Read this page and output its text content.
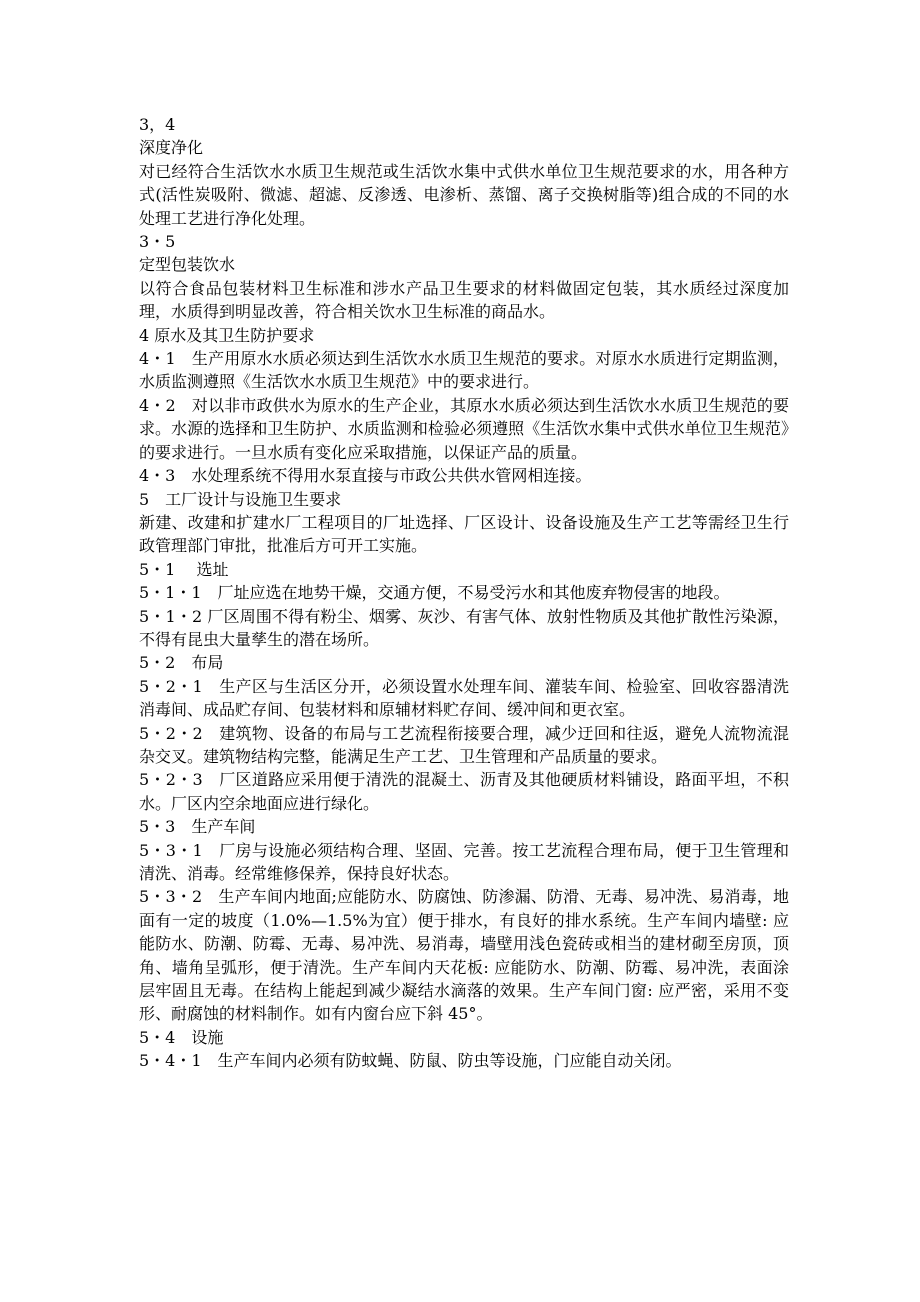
3，4
深度净化
对已经符合生活饮水水质卫生规范或生活饮水集中式供水单位卫生规范要求的水，用各种方式(活性炭吸附、微滤、超滤、反渗透、电渗析、蒸馏、离子交换树脂等)组合成的不同的水处理工艺进行净化处理。
3・5
定型包装饮水
以符合食品包装材料卫生标准和涉水产品卫生要求的材料做固定包装，其水质经过深度加理，水质得到明显改善，符合相关饮水卫生标准的商品水。
4 原水及其卫生防护要求
4・1　生产用原水水质必须达到生活饮水水质卫生规范的要求。对原水水质进行定期监测，水质监测遵照《生活饮水水质卫生规范》中的要求进行。
4・2　对以非市政供水为原水的生产企业，其原水水质必须达到生活饮水水质卫生规范的要求。水源的选择和卫生防护、水质监测和检验必须遵照《生活饮水集中式供水单位卫生规范》的要求进行。一旦水质有变化应采取措施，以保证产品的质量。
4・3　水处理系统不得用水泵直接与市政公共供水管网相连接。
5　工厂设计与设施卫生要求
新建、改建和扩建水厂工程项目的厂址选择、厂区设计、设备设施及生产工艺等需经卫生行政管理部门审批，批准后方可开工实施。
5・1　 选址
5・1・1　厂址应选在地势干燥，交通方便，不易受污水和其他废弃物侵害的地段。
5・1・2 厂区周围不得有粉尘、烟雾、灰沙、有害气体、放射性物质及其他扩散性污染源，不得有昆虫大量孳生的潜在场所。
5・2　布局
5・2・1　生产区与生活区分开，必须设置水处理车间、灌装车间、检验室、回收容器清洗消毒间、成品贮存间、包装材料和原辅材料贮存间、缓冲间和更衣室。
5・2・2　建筑物、设备的布局与工艺流程衔接要合理，减少迂回和往返，避免人流物流混杂交叉。建筑物结构完整，能满足生产工艺、卫生管理和产品质量的要求。
5・2・3　厂区道路应采用便于清洗的混凝土、沥青及其他硬质材料铺设，路面平坦，不积水。厂区内空余地面应进行绿化。
5・3　生产车间
5・3・1　厂房与设施必须结构合理、坚固、完善。按工艺流程合理布局，便于卫生管理和清洗、消毒。经常维修保养，保持良好状态。
5・3・2　生产车间内地面;应能防水、防腐蚀、防渗漏、防滑、无毒、易冲洗、易消毒，地面有一定的坡度（1.0%—1.5%为宜）便于排水，有良好的排水系统。生产车间内墙壁: 应能防水、防潮、防霉、无毒、易冲洗、易消毒，墙壁用浅色瓷砖或相当的建材砌至房顶，顶角、墙角呈弧形，便于清洗。生产车间内天花板: 应能防水、防潮、防霉、易冲洗，表面涂层牢固且无毒。在结构上能起到减少凝结水滴落的效果。生产车间门窗: 应严密，采用不变形、耐腐蚀的材料制作。如有内窗台应下斜 45°。
5・4　设施
5・4・1　生产车间内必须有防蚊蝇、防鼠、防虫等设施，门应能自动关闭。
